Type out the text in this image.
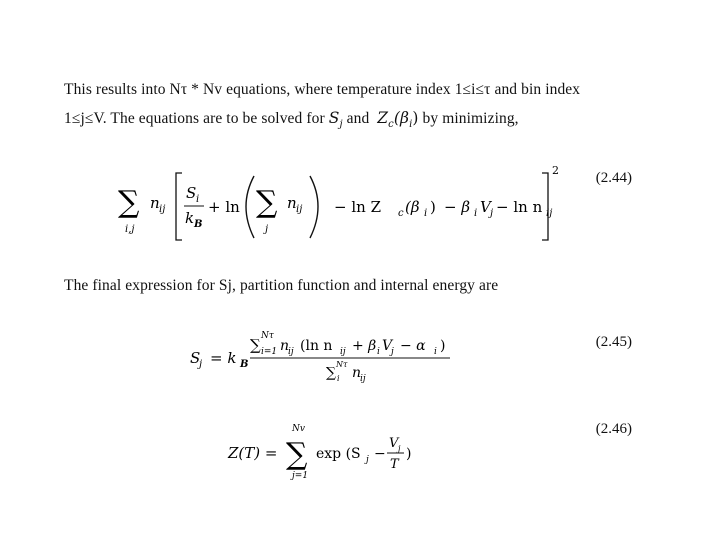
This results into Nτ * Nv equations, where temperature index 1≤i≤τ and bin index
1≤j≤V. The equations are to be solved for $S_j$ and $Z_c(\beta_i)$ by minimizing,
(2.44)
∑
i,j
n ij
S i
k B
+ ln ∑
j
n ij − ln Z c (β i ) − β i V j − ln n ij
2
The final expression for Sj, partition function and internal energy are
(2.45)
S
j = k B
∑ Nτ
i=1 n
ij (ln n ij + β i V
j − α i )
∑
Nτ
i n
ij
(2.46)
Z(T) =
Nv
∑
j=1
exp (S j −
V j
T
)
